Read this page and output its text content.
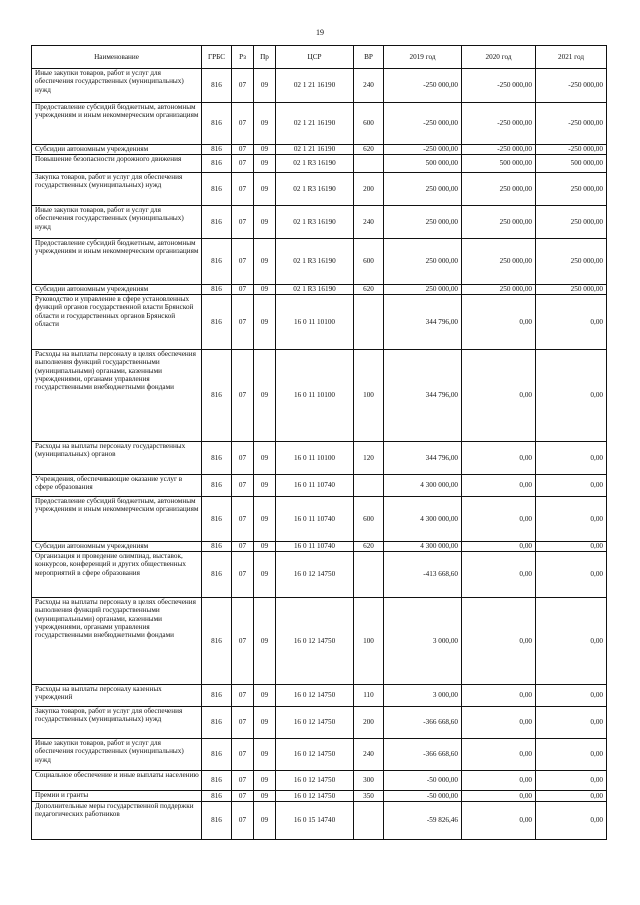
19
Наименование	ГРБС	Рз	Пр	ЦСР	ВР	2019 год	2020 год	2021 год
Иные закупки товаров, работ и услуг для обеспечения государственных (муниципальных) нужд	816	07	09	02 1 21 16190	240	-250 000,00	-250 000,00	-250 000,00
Предоставление субсидий бюджетным, автономным учреждениям и иным некоммерческим организациям	816	07	09	02 1 21 16190	600	-250 000,00	-250 000,00	-250 000,00
Субсидии автономным учреждениям	816	07	09	02 1 21 16190	620	-250 000,00	-250 000,00	-250 000,00
Повышение безопасности дорожного движения	816	07	09	02 1 R3 16190		500 000,00	500 000,00	500 000,00
Закупка товаров, работ и услуг для обеспечения государственных (муниципальных) нужд	816	07	09	02 1 R3 16190	200	250 000,00	250 000,00	250 000,00
Иные закупки товаров, работ и услуг для обеспечения государственных (муниципальных) нужд	816	07	09	02 1 R3 16190	240	250 000,00	250 000,00	250 000,00
Предоставление субсидий бюджетным, автономным учреждениям и иным некоммерческим организациям	816	07	09	02 1 R3 16190	600	250 000,00	250 000,00	250 000,00
Субсидии автономным учреждениям	816	07	09	02 1 R3 16190	620	250 000,00	250 000,00	250 000,00
Руководство и управление в сфере установленных функций органов государственной власти Брянской области и государственных органов Брянской области	816	07	09	16 0 11 10100		344 796,00	0,00	0,00
Расходы на выплаты персоналу в целях обеспечения выполнения функций государственными (муниципальными) органами, казенными учреждениями, органами управления государственными внебюджетными фондами	816	07	09	16 0 11 10100	100	344 796,00	0,00	0,00
Расходы на выплаты персоналу государственных (муниципальных) органов	816	07	09	16 0 11 10100	120	344 796,00	0,00	0,00
Учреждения, обеспечивающие оказание услуг в сфере образования	816	07	09	16 0 11 10740		4 300 000,00	0,00	0,00
Предоставление субсидий бюджетным, автономным учреждениям и иным некоммерческим организациям	816	07	09	16 0 11 10740	600	4 300 000,00	0,00	0,00
Субсидии автономным учреждениям	816	07	09	16 0 11 10740	620	4 300 000,00	0,00	0,00
Организация и проведение олимпиад, выставок, конкурсов, конференций и других общественных мероприятий в сфере образования	816	07	09	16 0 12 14750		-413 668,60	0,00	0,00
Расходы на выплаты персоналу в целях обеспечения выполнения функций государственными (муниципальными) органами, казенными учреждениями, органами управления государственными внебюджетными фондами	816	07	09	16 0 12 14750	100	3 000,00	0,00	0,00
Расходы на выплаты персоналу казенных учреждений	816	07	09	16 0 12 14750	110	3 000,00	0,00	0,00
Закупка товаров, работ и услуг для обеспечения государственных (муниципальных) нужд	816	07	09	16 0 12 14750	200	-366 668,60	0,00	0,00
Иные закупки товаров, работ и услуг для обеспечения государственных (муниципальных) нужд	816	07	09	16 0 12 14750	240	-366 668,60	0,00	0,00
Социальное обеспечение и иные выплаты населению	816	07	09	16 0 12 14750	300	-50 000,00	0,00	0,00
Премии и гранты	816	07	09	16 0 12 14750	350	-50 000,00	0,00	0,00
Дополнительные меры государственной поддержки педагогических работников	816	07	09	16 0 15 14740		-59 826,46	0,00	0,00
